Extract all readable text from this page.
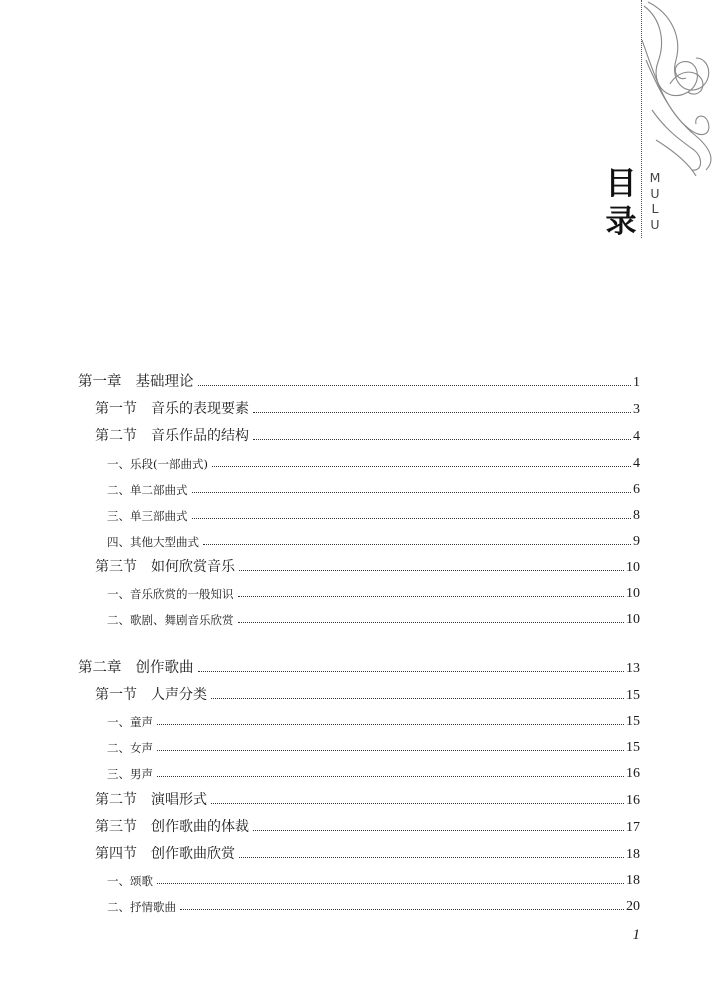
目
录
M
U
L
U
第一章 基础理论	1
第一节 音乐的表现要素	3
第二节 音乐作品的结构	4
一、乐段(一部曲式)	4
二、单二部曲式	6
三、单三部曲式	8
四、其他大型曲式	9
第三节 如何欣赏音乐	10
一、音乐欣赏的一般知识	10
二、歌剧、舞剧音乐欣赏	10
第二章 创作歌曲	13
第一节 人声分类	15
一、童声	15
二、女声	15
三、男声	16
第二节 演唱形式	16
第三节 创作歌曲的体裁	17
第四节 创作歌曲欣赏	18
一、颂歌	18
二、抒情歌曲	20
1
